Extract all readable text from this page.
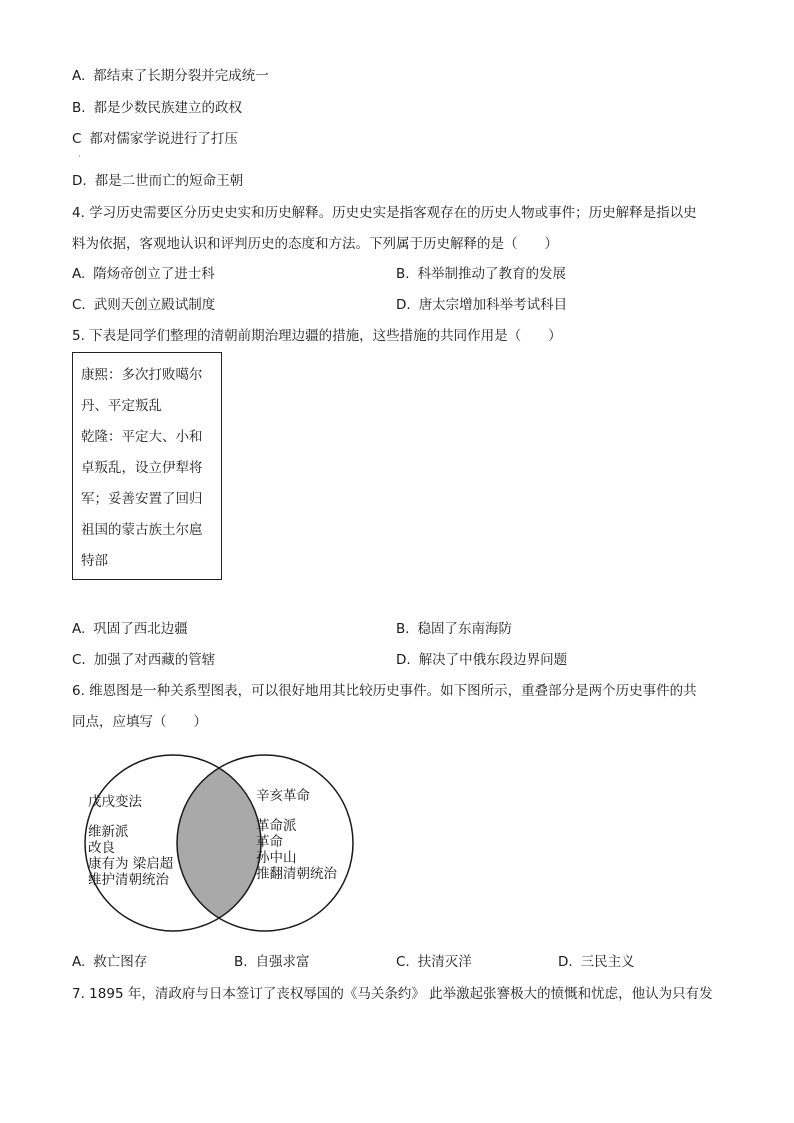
A. 都结束了长期分裂并完成统一
B. 都是少数民族建立的政权
C 都对儒家学说进行了打压
·
D. 都是二世而亡的短命王朝
4. 学习历史需要区分历史史实和历史解释。历史史实是指客观存在的历史人物或事件；历史解释是指以史
料为依据，客观地认识和评判历史的态度和方法。下列属于历史解释的是（　　）
A. 隋炀帝创立了进士科	B. 科举制推动了教育的发展
C. 武则天创立殿试制度	D. 唐太宗增加科举考试科目
5. 下表是同学们整理的清朝前期治理边疆的措施，这些措施的共同作用是（　　）
康熙：多次打败噶尔
丹、平定叛乱
乾隆：平定大、小和
卓叛乱，设立伊犁将
军；妥善安置了回归
祖国的蒙古族土尔扈
特部
A. 巩固了西北边疆	B. 稳固了东南海防
C. 加强了对西藏的管辖	D. 解决了中俄东段边界问题
6. 维恩图是一种关系型图表，可以很好地用其比较历史事件。如下图所示，重叠部分是两个历史事件的共
同点，应填写（　　）
戊戌变法
维新派
改良
康有为 梁启超
维护清朝统治
辛亥革命
革命派
革命
孙中山
推翻清朝统治
A. 救亡图存	B. 自强求富	C. 扶清灭洋	D. 三民主义
7. 1895 年，清政府与日本签订了丧权辱国的《马关条约》 此举激起张謇极大的愤慨和忧虑，他认为只有发
